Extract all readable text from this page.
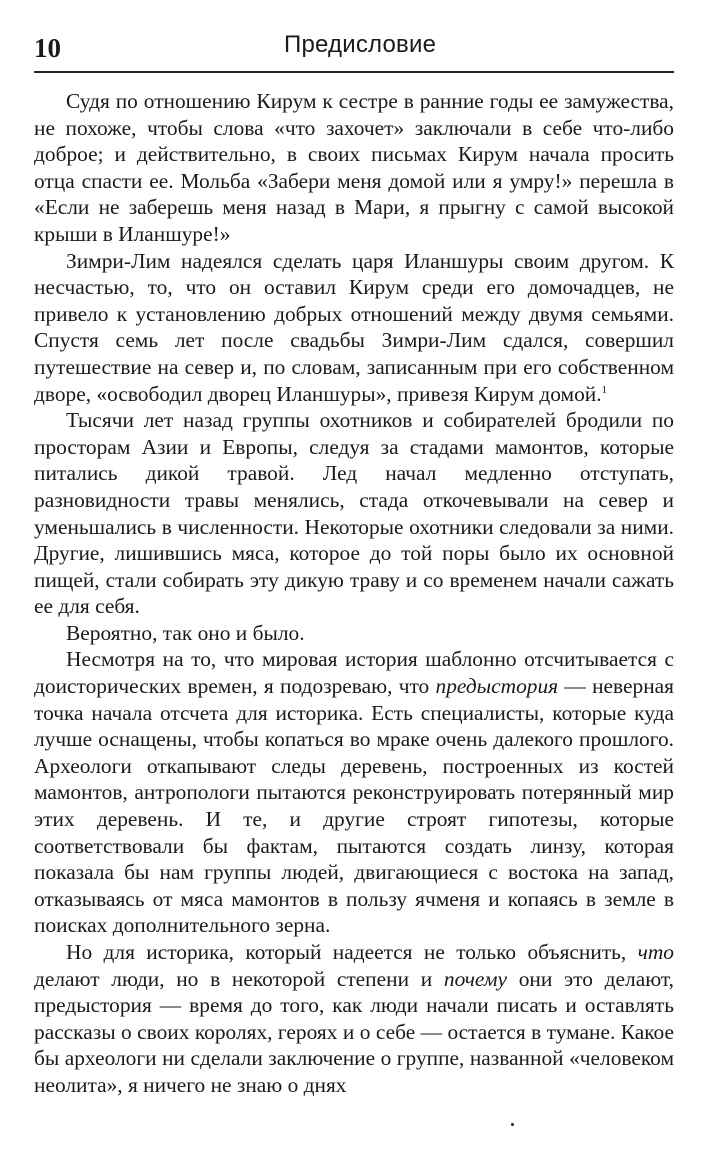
10	Предисловие

Судя по отношению Кирум к сестре в ранние годы ее замужества, не похоже, чтобы слова «что захочет» заключали в себе что-либо доброе; и действительно, в своих письмах Кирум начала просить отца спасти ее. Мольба «Забери меня домой или я умру!» перешла в «Если не заберешь меня назад в Мари, я прыгну с самой высокой крыши в Иланшуре!»

Зимри-Лим надеялся сделать царя Иланшуры своим другом. К несчастью, то, что он оставил Кирум среди его домочадцев, не привело к установлению добрых отношений между двумя семьями. Спустя семь лет после свадьбы Зимри-Лим сдался, совершил путешествие на север и, по словам, записанным при его собственном дворе, «освободил дворец Иланшуры», привезя Кирум домой.$^1$

Тысячи лет назад группы охотников и собирателей бродили по просторам Азии и Европы, следуя за стадами мамонтов, которые питались дикой травой. Лед начал медленно отступать, разновидности травы менялись, стада откочевывали на север и уменьшались в численности. Некоторые охотники следовали за ними. Другие, лишившись мяса, которое до той поры было их основной пищей, стали собирать эту дикую траву и со временем начали сажать ее для себя.

Вероятно, так оно и было.

Несмотря на то, что мировая история шаблонно отсчитывается с доисторических времен, я подозреваю, что предыстория — неверная точка начала отсчета для историка. Есть специалисты, которые куда лучше оснащены, чтобы копаться во мраке очень далекого прошлого. Археологи откапывают следы деревень, построенных из костей мамонтов, антропологи пытаются реконструировать потерянный мир этих деревень. И те, и другие строят гипотезы, которые соответствовали бы фактам, пытаются создать линзу, которая показала бы нам группы людей, двигающиеся с востока на запад, отказываясь от мяса мамонтов в пользу ячменя и копаясь в земле в поисках дополнительного зерна.

Но для историка, который надеется не только объяснить, что делают люди, но в некоторой степени и почему они это делают, предыстория — время до того, как люди начали писать и оставлять рассказы о своих королях, героях и о себе — остается в тумане. Какое бы археологи ни сделали заключение о группе, названной «человеком неолита», я ничего не знаю о днях
